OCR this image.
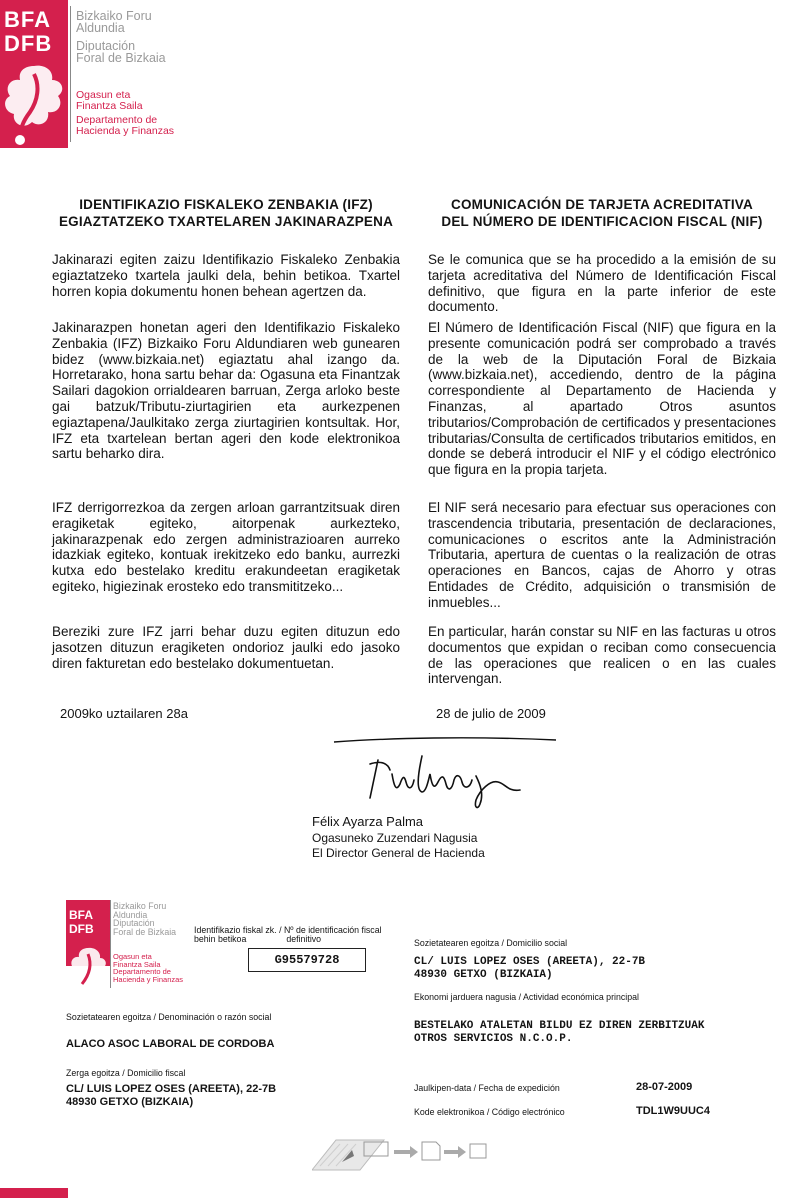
BFA
DFB
Bizkaiko Foru
Aldundia
Diputación
Foral de Bizkaia
Ogasun eta
Finantza Saila
Departamento de
Hacienda y Finanzas
IDENTIFIKAZIO FISKALEKO ZENBAKIA (IFZ)
EGIAZTATZEKO TXARTELAREN JAKINARAZPENA
Jakinarazi egiten zaizu Identifikazio Fiskaleko Zenbakia egiaztatzeko txartela jaulki dela, behin betikoa. Txartel horren kopia dokumentu honen behean agertzen da.
Jakinarazpen honetan ageri den Identifikazio Fiskaleko Zenbakia (IFZ) Bizkaiko Foru Aldundiaren web gunearen bidez (www.bizkaia.net) egiaztatu ahal izango da. Horretarako, hona sartu behar da: Ogasuna eta Finantzak Sailari dagokion orrialdearen barruan, Zerga arloko beste gai batzuk/Tributu-ziurtagirien eta aurkezpenen egiaztapena/Jaulkitako zerga ziurtagirien kontsultak. Hor, IFZ eta txartelean bertan ageri den kode elektronikoa sartu beharko dira.
IFZ derrigorrezkoa da zergen arloan garrantzitsuak diren eragiketak egiteko, aitorpenak aurkezteko, jakinarazpenak edo zergen administrazioaren aurreko idazkiak egiteko, kontuak irekitzeko edo banku, aurrezki kutxa edo bestelako kreditu erakundeetan eragiketak egiteko, higiezinak erosteko edo transmititzeko...
Bereziki zure IFZ jarri behar duzu egiten dituzun edo jasotzen dituzun eragiketen ondorioz jaulki edo jasoko diren fakturetan edo bestelako dokumentuetan.
2009ko uztailaren 28a
COMUNICACIÓN DE TARJETA ACREDITATIVA
DEL NÚMERO DE IDENTIFICACION FISCAL (NIF)
Se le comunica que se ha procedido a la emisión de su tarjeta acreditativa del Número de Identificación Fiscal definitivo, que figura en la parte inferior de este documento.
El Número de Identificación Fiscal (NIF) que figura en la presente comunicación podrá ser comprobado a través de la web de la Diputación Foral de Bizkaia (www.bizkaia.net), accediendo, dentro de la página correspondiente al Departamento de Hacienda y Finanzas, al apartado Otros asuntos tributarios/Comprobación de certificados y presentaciones tributarias/Consulta de certificados tributarios emitidos, en donde se deberá introducir el NIF y el código electrónico que figura en la propia tarjeta.
El NIF será necesario para efectuar sus operaciones con trascendencia tributaria, presentación de declaraciones, comunicaciones o escritos ante la Administración Tributaria, apertura de cuentas o la realización de otras operaciones en Bancos, cajas de Ahorro y otras Entidades de Crédito, adquisición o transmisión de inmuebles...
En particular, harán constar su NIF en las facturas u otros documentos que expidan o reciban como consecuencia de las operaciones que realicen o en las cuales intervengan.
28 de julio de 2009
Félix Ayarza Palma
Ogasuneko Zuzendari Nagusia
El Director General de Hacienda
BFA
DFB
Bizkaiko Foru
Aldundia
Diputación
Foral de Bizkaia
Ogasun eta
Finantza Saila
Departamento de
Hacienda y Finanzas
Identifikazio fiskal zk. / Nº de identificación fiscal
behin betikoa	definitivo
G95579728
Sozietatearen egoitza / Domicilio social
CL/ LUIS LOPEZ OSES (AREETA), 22-7B
48930 GETXO (BIZKAIA)
Ekonomi jarduera nagusia / Actividad económica principal
BESTELAKO ATALETAN BILDU EZ DIREN ZERBITZUAK
OTROS SERVICIOS N.C.O.P.
Sozietatearen egoitza / Denominación o razón social
ALACO ASOC LABORAL DE CORDOBA
Zerga egoitza / Domicilio fiscal
CL/ LUIS LOPEZ OSES (AREETA), 22-7B
48930 GETXO (BIZKAIA)
Jaulkipen-data / Fecha de expedición	28-07-2009
Kode elektronikoa / Código electrónico	TDL1W9UUC4
